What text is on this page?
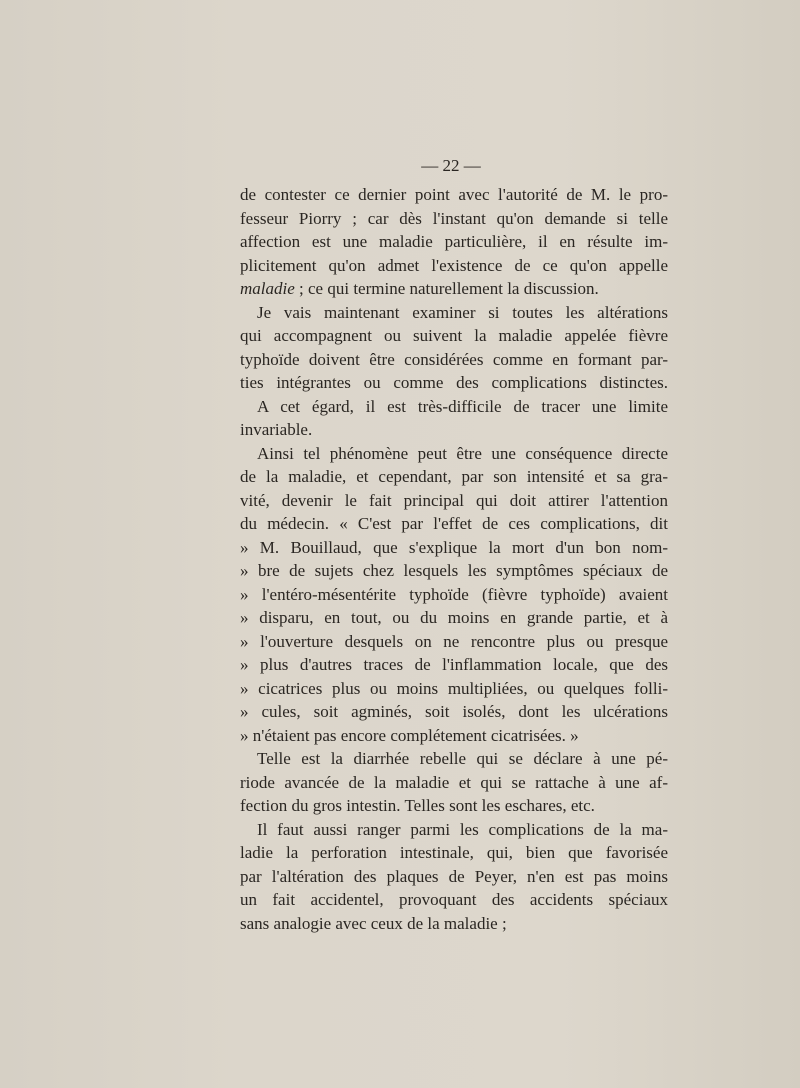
— 22 —
de contester ce dernier point avec l'autorité de M. le pro-
fesseur Piorry ; car dès l'instant qu'on demande si telle
affection est une maladie particulière, il en résulte im-
plicitement qu'on admet l'existence de ce qu'on appelle
maladie ; ce qui termine naturellement la discussion.
Je vais maintenant examiner si toutes les altérations
qui accompagnent ou suivent la maladie appelée fièvre
typhoïde doivent être considérées comme en formant par-
ties intégrantes ou comme des complications distinctes.
A cet égard, il est très-difficile de tracer une limite
invariable.
Ainsi tel phénomène peut être une conséquence directe
de la maladie, et cependant, par son intensité et sa gra-
vité, devenir le fait principal qui doit attirer l'attention
du médecin. « C'est par l'effet de ces complications, dit
» M. Bouillaud, que s'explique la mort d'un bon nom-
» bre de sujets chez lesquels les symptômes spéciaux de
» l'entéro-mésentérite typhoïde (fièvre typhoïde) avaient
» disparu, en tout, ou du moins en grande partie, et à
» l'ouverture desquels on ne rencontre plus ou presque
» plus d'autres traces de l'inflammation locale, que des
» cicatrices plus ou moins multipliées, ou quelques folli-
» cules, soit agminés, soit isolés, dont les ulcérations
» n'étaient pas encore complétement cicatrisées. »
Telle est la diarrhée rebelle qui se déclare à une pé-
riode avancée de la maladie et qui se rattache à une af-
fection du gros intestin. Telles sont les eschares, etc.
Il faut aussi ranger parmi les complications de la ma-
ladie la perforation intestinale, qui, bien que favorisée
par l'altération des plaques de Peyer, n'en est pas moins
un fait accidentel, provoquant des accidents spéciaux
sans analogie avec ceux de la maladie ;
